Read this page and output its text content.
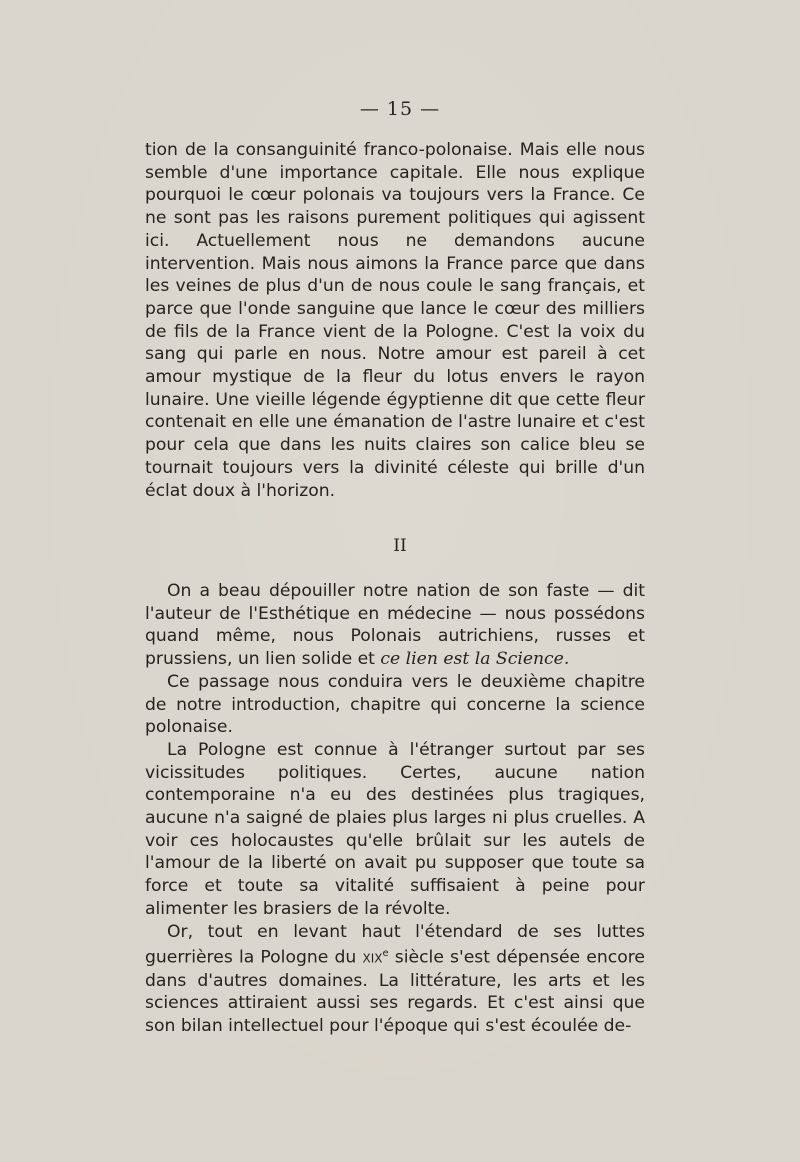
— 15 —

tion de la consanguinité franco-polonaise. Mais elle nous semble d'une importance capitale. Elle nous explique pourquoi le cœur polonais va toujours vers la France. Ce ne sont pas les raisons purement politiques qui agissent ici. Actuellement nous ne demandons aucune intervention. Mais nous aimons la France parce que dans les veines de plus d'un de nous coule le sang français, et parce que l'onde sanguine que lance le cœur des milliers de fils de la France vient de la Pologne. C'est la voix du sang qui parle en nous. Notre amour est pareil à cet amour mystique de la fleur du lotus envers le rayon lunaire. Une vieille légende égyptienne dit que cette fleur contenait en elle une émanation de l'astre lunaire et c'est pour cela que dans les nuits claires son calice bleu se tournait toujours vers la divinité céleste qui brille d'un éclat doux à l'horizon.

II

On a beau dépouiller notre nation de son faste — dit l'auteur de l'Esthétique en médecine — nous possédons quand même, nous Polonais autrichiens, russes et prussiens, un lien solide et ce lien est la Science.

Ce passage nous conduira vers le deuxième chapitre de notre introduction, chapitre qui concerne la science polonaise.

La Pologne est connue à l'étranger surtout par ses vicissitudes politiques. Certes, aucune nation contemporaine n'a eu des destinées plus tragiques, aucune n'a saigné de plaies plus larges ni plus cruelles. A voir ces holocaustes qu'elle brûlait sur les autels de l'amour de la liberté on avait pu supposer que toute sa force et toute sa vitalité suffisaient à peine pour alimenter les brasiers de la révolte.

Or, tout en levant haut l'étendard de ses luttes guerrières la Pologne du xix$^e$ siècle s'est dépensée encore dans d'autres domaines. La littérature, les arts et les sciences attiraient aussi ses regards. Et c'est ainsi que son bilan intellectuel pour l'époque qui s'est écoulée de-
